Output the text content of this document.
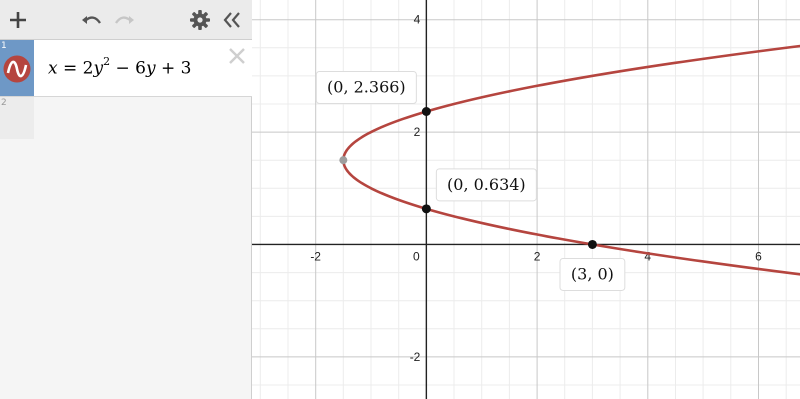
1
$x = 2y^2 - 6y + 3$
2
-2	0	2	4	6
4
2
-2
(0, 2.366)
(0, 0.634)
(3, 0)
